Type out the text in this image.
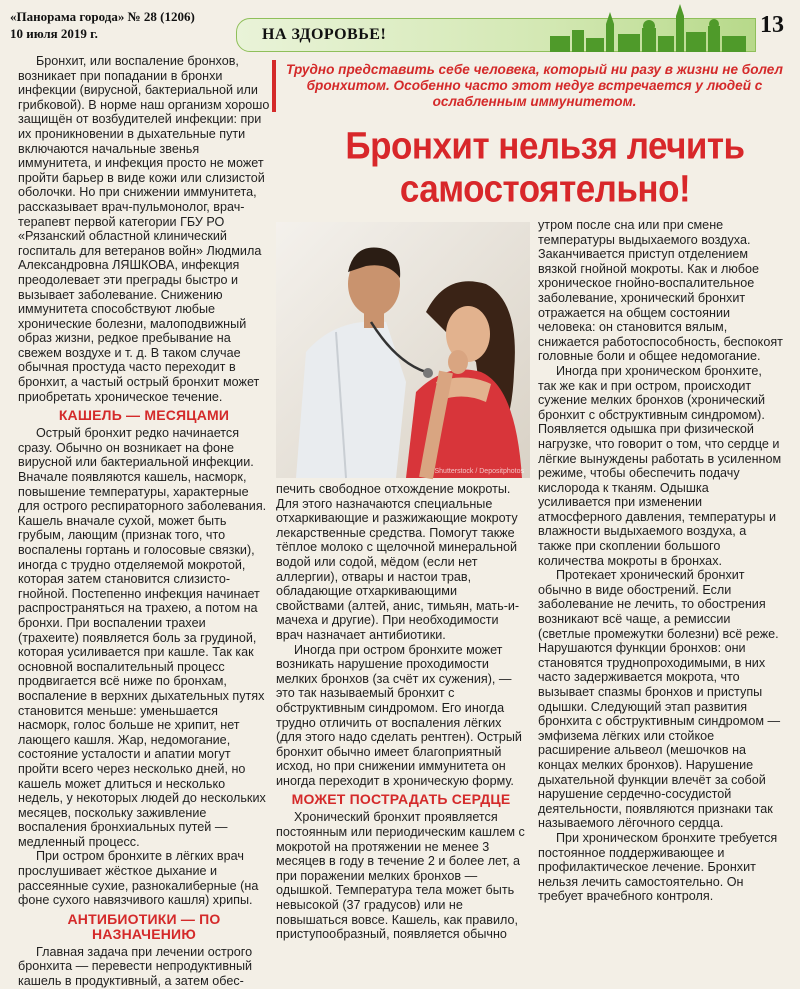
«Панорама города» № 28 (1206)
10 июля 2019 г.	НА ЗДОРОВЬЕ!	13
Трудно представить себе человека, который ни разу в жизни не болел бронхитом. Особенно часто этот недуг встречается у людей с ослабленным иммунитетом.
Бронхит нельзя лечить
самостоятельно!
Shutterstock / Depositphotos

Бронхит, или воспаление бронхов, возникает при попадании в бронхи инфекции (вирусной, бактериальной или грибковой). В норме наш организм хорошо защищён от возбудителей инфекции: при их проникновении в дыхательные пути включаются начальные звенья иммунитета, и инфекция просто не может пройти барьер в виде кожи или слизистой оболочки. Но при снижении иммунитета, рассказывает врач-пульмонолог, врач-терапевт первой категории ГБУ РО «Рязанский областной клинический госпиталь для ветеранов войн» Людмила Александровна ЛЯШКОВА, инфекция преодолевает эти преграды быстро и вызывает заболевание. Снижению иммунитета способствуют любые хронические болезни, малоподвижный образ жизни, редкое пребывание на свежем воздухе и т. д. В таком случае обычная простуда часто переходит в бронхит, а частый острый бронхит может приобретать хроническое течение.

КАШЕЛЬ — МЕСЯЦАМИ

Острый бронхит редко начинается сразу. Обычно он возникает на фоне вирусной или бактериальной инфекции. Вначале появляются кашель, насморк, повышение температуры, характерные для острого респираторного заболевания. Кашель вначале сухой, может быть грубым, лающим (признак того, что воспалены гортань и голосовые связки), иногда с трудно отделяемой мокротой, которая затем становится слизисто-гнойной. Постепенно инфекция начинает распространяться на трахею, а потом на бронхи. При воспалении трахеи (трахеите) появляется боль за грудиной, которая усиливается при кашле. Так как основной воспалительный процесс продвигается всё ниже по бронхам, воспаление в верхних дыхательных путях становится меньше: уменьшается насморк, голос больше не хрипит, нет лающего кашля. Жар, недомогание, состояние усталости и апатии могут пройти всего через несколько дней, но кашель может длиться и несколько недель, у некоторых людей до нескольких месяцев, поскольку заживление воспаления бронхиальных путей — медленный процесс.

При остром бронхите в лёгких врач прослушивает жёсткое дыхание и рассеянные сухие, разнокалиберные (на фоне сухого навязчивого кашля) хрипы.

АНТИБИОТИКИ — ПО НАЗНАЧЕНИЮ

Главная задача при лечении острого бронхита — перевести непродуктивный кашель в продуктивный, а затем обес-

печить свободное отхождение мокроты. Для этого назначаются специальные отхаркивающие и разжижающие мокроту лекарственные средства. Помогут также тёплое молоко с щелочной минеральной водой или содой, мёдом (если нет аллергии), отвары и настои трав, обладающие отхаркивающими свойствами (алтей, анис, тимьян, мать-и-мачеха и другие). При необходимости врач назначает антибиотики.

Иногда при остром бронхите может возникать нарушение проходимости мелких бронхов (за счёт их сужения), — это так называемый бронхит с обструктивным синдромом. Его иногда трудно отличить от воспаления лёгких (для этого надо сделать рентген). Острый бронхит обычно имеет благоприятный исход, но при снижении иммунитета он иногда переходит в хроническую форму.

МОЖЕТ ПОСТРАДАТЬ СЕРДЦЕ

Хронический бронхит проявляется постоянным или периодическим кашлем с мокротой на протяжении не менее 3 месяцев в году в течение 2 и более лет, а при поражении мелких бронхов — одышкой. Температура тела может быть невысокой (37 градусов) или не повышаться вовсе. Кашель, как правило, приступообразный, появляется обычно

утром после сна или при смене температуры выдыхаемого воздуха. Заканчивается приступ отделением вязкой гнойной мокроты. Как и любое хроническое гнойно-воспалительное заболевание, хронический бронхит отражается на общем состоянии человека: он становится вялым, снижается работоспособность, беспокоят головные боли и общее недомогание.

Иногда при хроническом бронхите, так же как и при остром, происходит сужение мелких бронхов (хронический бронхит с обструктивным синдромом). Появляется одышка при физической нагрузке, что говорит о том, что сердце и лёгкие вынуждены работать в усиленном режиме, чтобы обеспечить подачу кислорода к тканям. Одышка усиливается при изменении атмосферного давления, температуры и влажности выдыхаемого воздуха, а также при скоплении большого количества мокроты в бронхах.

Протекает хронический бронхит обычно в виде обострений. Если заболевание не лечить, то обострения возникают всё чаще, а ремиссии (светлые промежутки болезни) всё реже. Нарушаются функции бронхов: они становятся труднопроходимыми, в них часто задерживается мокрота, что вызывает спазмы бронхов и приступы одышки. Следующий этап развития бронхита с обструктивным синдромом — эмфизема лёгких или стойкое расширение альвеол (мешочков на концах мелких бронхов). Нарушение дыхательной функции влечёт за собой нарушение сердечно-сосудистой деятельности, появляются признаки так называемого лёгочного сердца.

При хроническом бронхите требуется постоянное поддерживающее и профилактическое лечение. Бронхит нельзя лечить самостоятельно. Он требует врачебного контроля.
